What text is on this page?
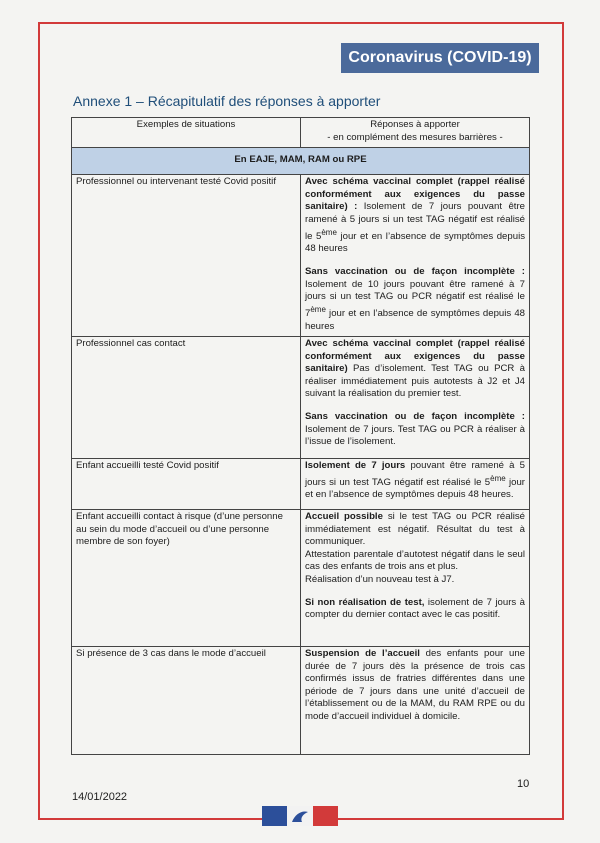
Coronavirus (COVID-19)
Annexe 1 – Récapitulatif des réponses à apporter
Exemples de situations	Réponses à apporter
- en complément des mesures barrières -

En EAJE, MAM, RAM ou RPE	
Professionnel ou intervenant testé Covid positif	Avec schéma vaccinal complet (rappel réalisé conformément aux exigences du passe sanitaire) : Isolement de 7 jours pouvant être ramené à 5 jours si un test TAG négatif est réalisé le 5ème jour et en l’absence de symptômes depuis 48 heures

Sans vaccination ou de façon incomplète : Isolement de 10 jours pouvant être ramené à 7 jours si un test TAG ou PCR négatif est réalisé le 7ème jour et en l’absence de symptômes depuis 48 heures

Professionnel cas contact	Avec schéma vaccinal complet (rappel réalisé conformément aux exigences du passe sanitaire) Pas d’isolement. Test TAG ou PCR à réaliser immédiatement puis autotests à J2 et J4 suivant la réalisation du premier test.

Sans vaccination ou de façon incomplète : Isolement de 7 jours. Test TAG ou PCR à réaliser à l’issue de l’isolement.

Enfant accueilli testé Covid positif	Isolement de 7 jours pouvant être ramené à 5 jours si un test TAG négatif est réalisé le 5ème jour et en l’absence de symptômes depuis 48 heures.

Enfant accueilli contact à risque (d’une personne au sein du mode d’accueil ou d’une personne membre de son foyer)	Accueil possible si le test TAG ou PCR réalisé immédiatement est négatif. Résultat du test à communiquer.
Attestation parentale d’autotest négatif dans le seul cas des enfants de trois ans et plus.
Réalisation d’un nouveau test à J7.

Si non réalisation de test, isolement de 7 jours à compter du dernier contact avec le cas positif.

Si présence de 3 cas dans le mode d’accueil	Suspension de l’accueil des enfants pour une durée de 7 jours dès la présence de trois cas confirmés issus de fratries différentes dans une période de 7 jours dans une unité d’accueil de l’établissement ou de la MAM, du RAM RPE ou du mode d’accueil individuel à domicile.

10
14/01/2022
